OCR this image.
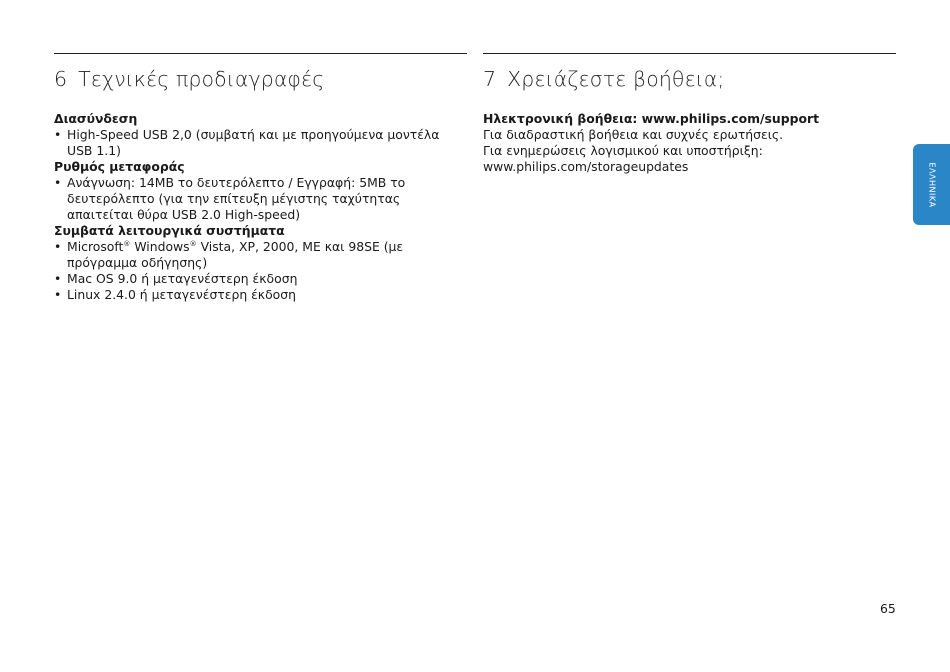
6 Τεχνικές προδιαγραφές
Διασύνδεση
• High-Speed USB 2,0 (συμβατή και με προηγούμενα μοντέλα USB 1.1)
Ρυθμός μεταφοράς
• Ανάγνωση: 14MB το δευτερόλεπτο / Εγγραφή: 5MB το δευτερόλεπτο (για την επίτευξη μέγιστης ταχύτητας απαιτείται θύρα USB 2.0 High-speed)
Συμβατά λειτουργικά συστήματα
• Microsoft® Windows® Vista, XP, 2000, ME και 98SE (με πρόγραμμα οδήγησης)
• Mac OS 9.0 ή μεταγενέστερη έκδοση
• Linux 2.4.0 ή μεταγενέστερη έκδοση
7 Χρειάζεστε βοήθεια;
Ηλεκτρονική βοήθεια: www.philips.com/support
Για διαδραστική βοήθεια και συχνές ερωτήσεις.
Για ενημερώσεις λογισμικού και υποστήριξη:
www.philips.com/storageupdates	ΕΛΛΗΝΙΚΑ
65
